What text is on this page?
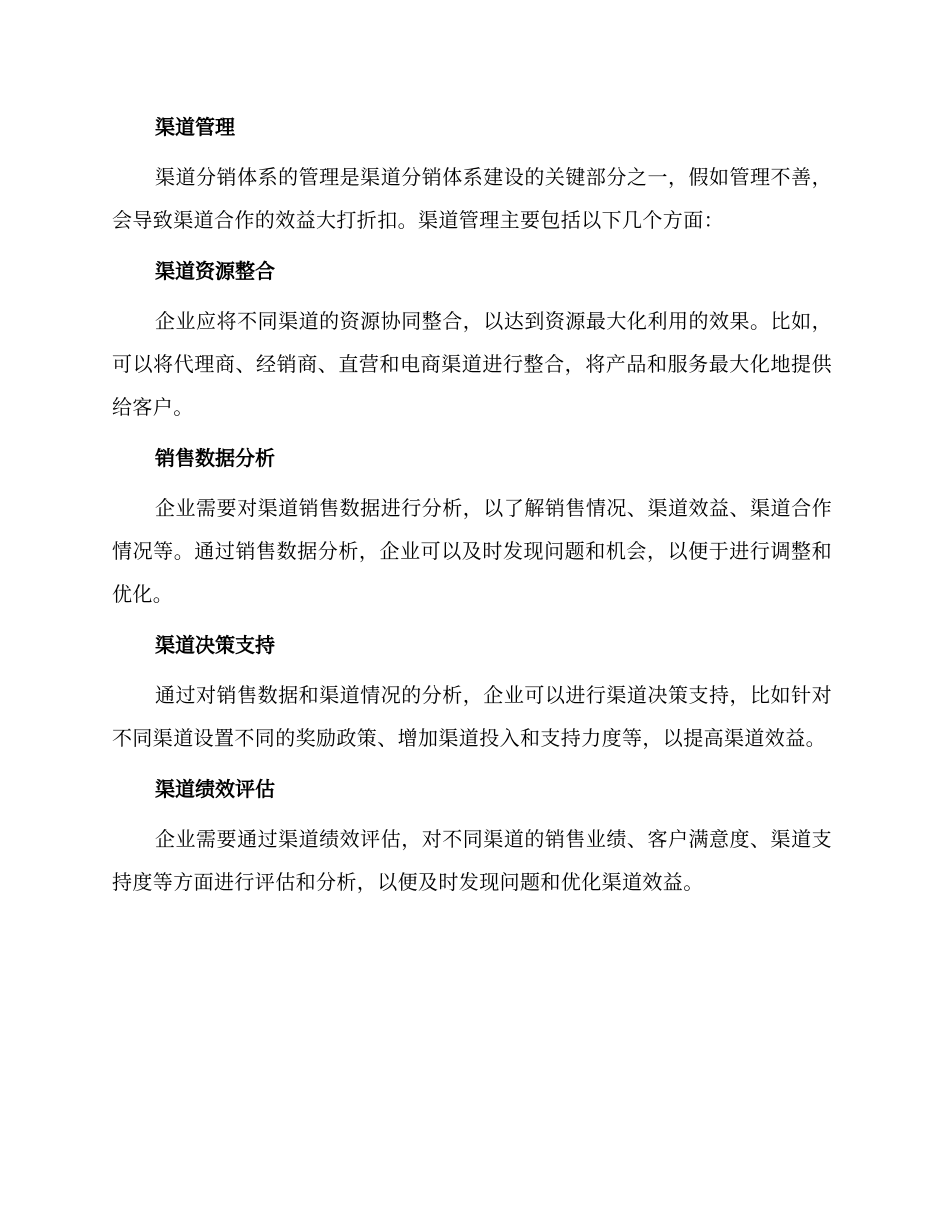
渠道管理

渠道分销体系的管理是渠道分销体系建设的关键部分之一，假如管理不善，会导致渠道合作的效益大打折扣。渠道管理主要包括以下几个方面：

渠道资源整合

企业应将不同渠道的资源协同整合，以达到资源最大化利用的效果。比如，可以将代理商、经销商、直营和电商渠道进行整合，将产品和服务最大化地提供给客户。

销售数据分析

企业需要对渠道销售数据进行分析，以了解销售情况、渠道效益、渠道合作情况等。通过销售数据分析，企业可以及时发现问题和机会，以便于进行调整和优化。

渠道决策支持

通过对销售数据和渠道情况的分析，企业可以进行渠道决策支持，比如针对不同渠道设置不同的奖励政策、增加渠道投入和支持力度等，以提高渠道效益。

渠道绩效评估

企业需要通过渠道绩效评估，对不同渠道的销售业绩、客户满意度、渠道支持度等方面进行评估和分析，以便及时发现问题和优化渠道效益。
